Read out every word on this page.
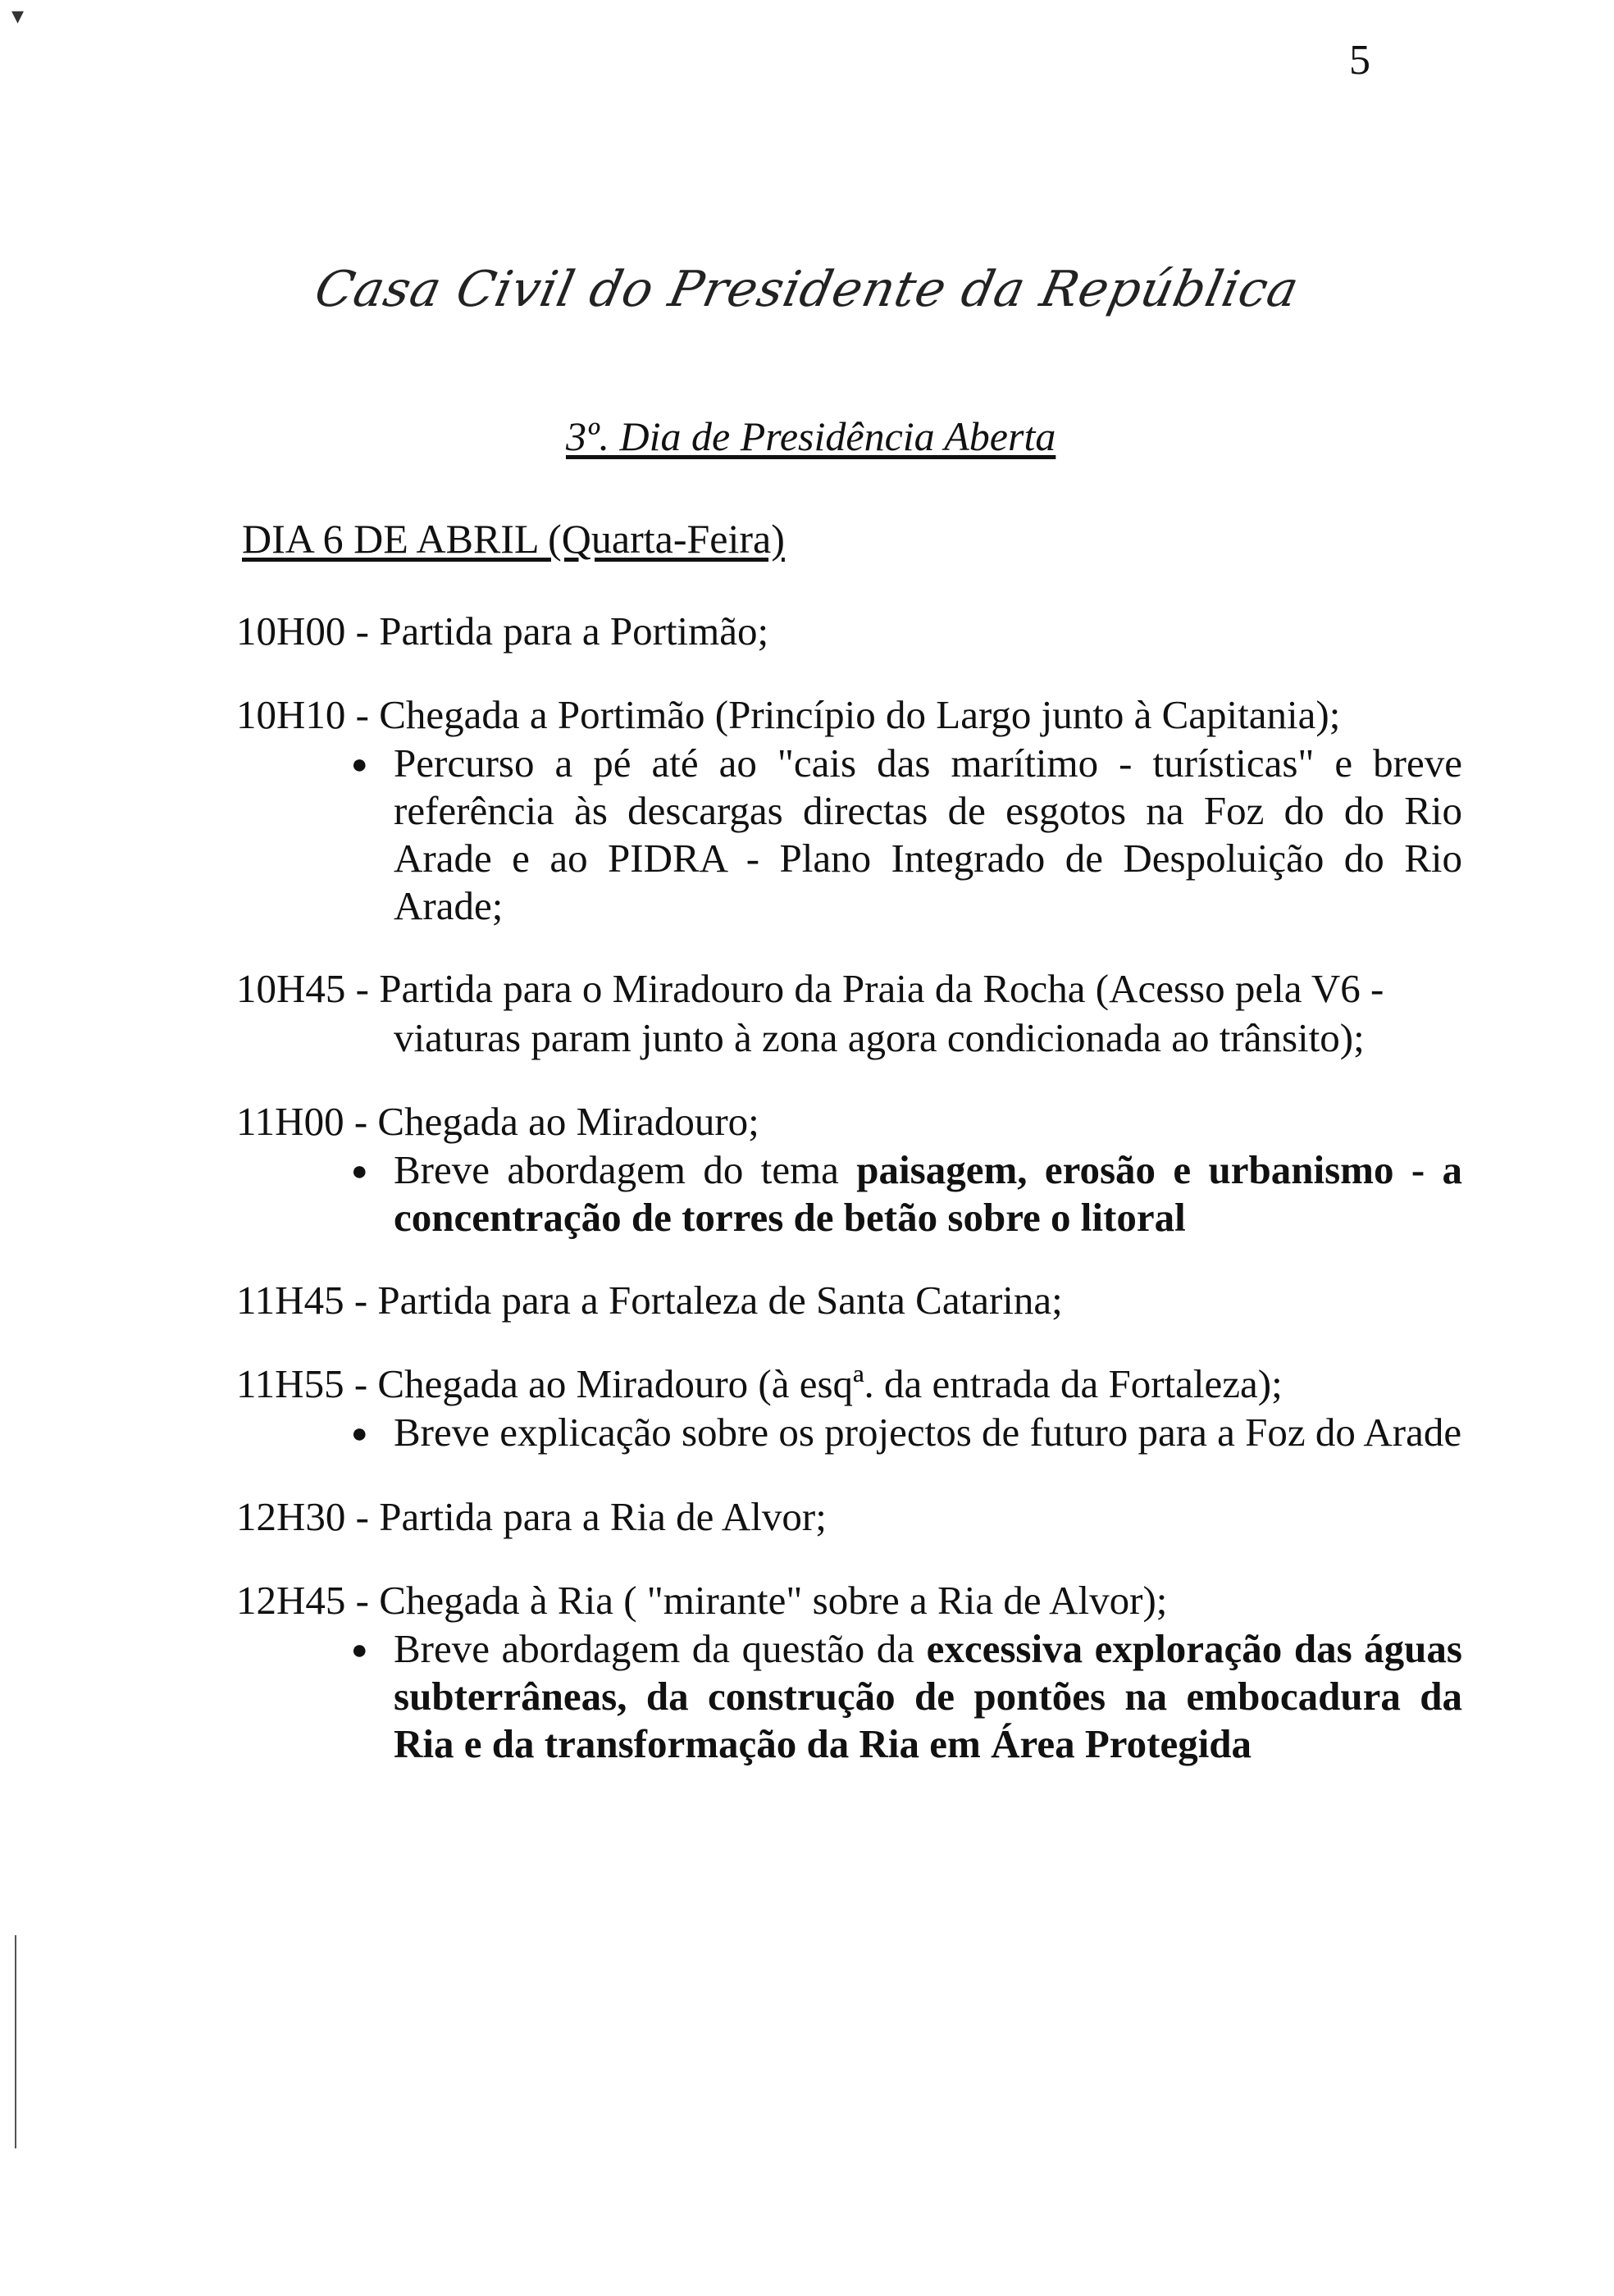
▾
5
Casa Civil do Presidente da República
3º. Dia de Presidência Aberta
DIA 6 DE ABRIL (Quarta-Feira)
10H00 - Partida para a Portimão;
10H10 - Chegada a Portimão (Princípio do Largo junto à Capitania);
● Percurso a pé até ao "cais das marítimo - turísticas" e breve referência às descargas directas de esgotos na Foz do do Rio Arade e ao PIDRA - Plano Integrado de Despoluição do Rio Arade;
10H45 - Partida para o Miradouro da Praia da Rocha (Acesso pela V6 -
viaturas param junto à zona agora condicionada ao trânsito);
11H00 - Chegada ao Miradouro;
● Breve abordagem do tema paisagem, erosão e urbanismo - a concentração de torres de betão sobre o litoral
11H45 - Partida para a Fortaleza de Santa Catarina;
11H55 - Chegada ao Miradouro (à esqª. da entrada da Fortaleza);
● Breve explicação sobre os projectos de futuro para a Foz do Arade
12H30 - Partida para a Ria de Alvor;
12H45 - Chegada à Ria ( "mirante" sobre a Ria de Alvor);
● Breve abordagem da questão da excessiva exploração das águas subterrâneas, da construção de pontões na embocadura da Ria e da transformação da Ria em Área Protegida
